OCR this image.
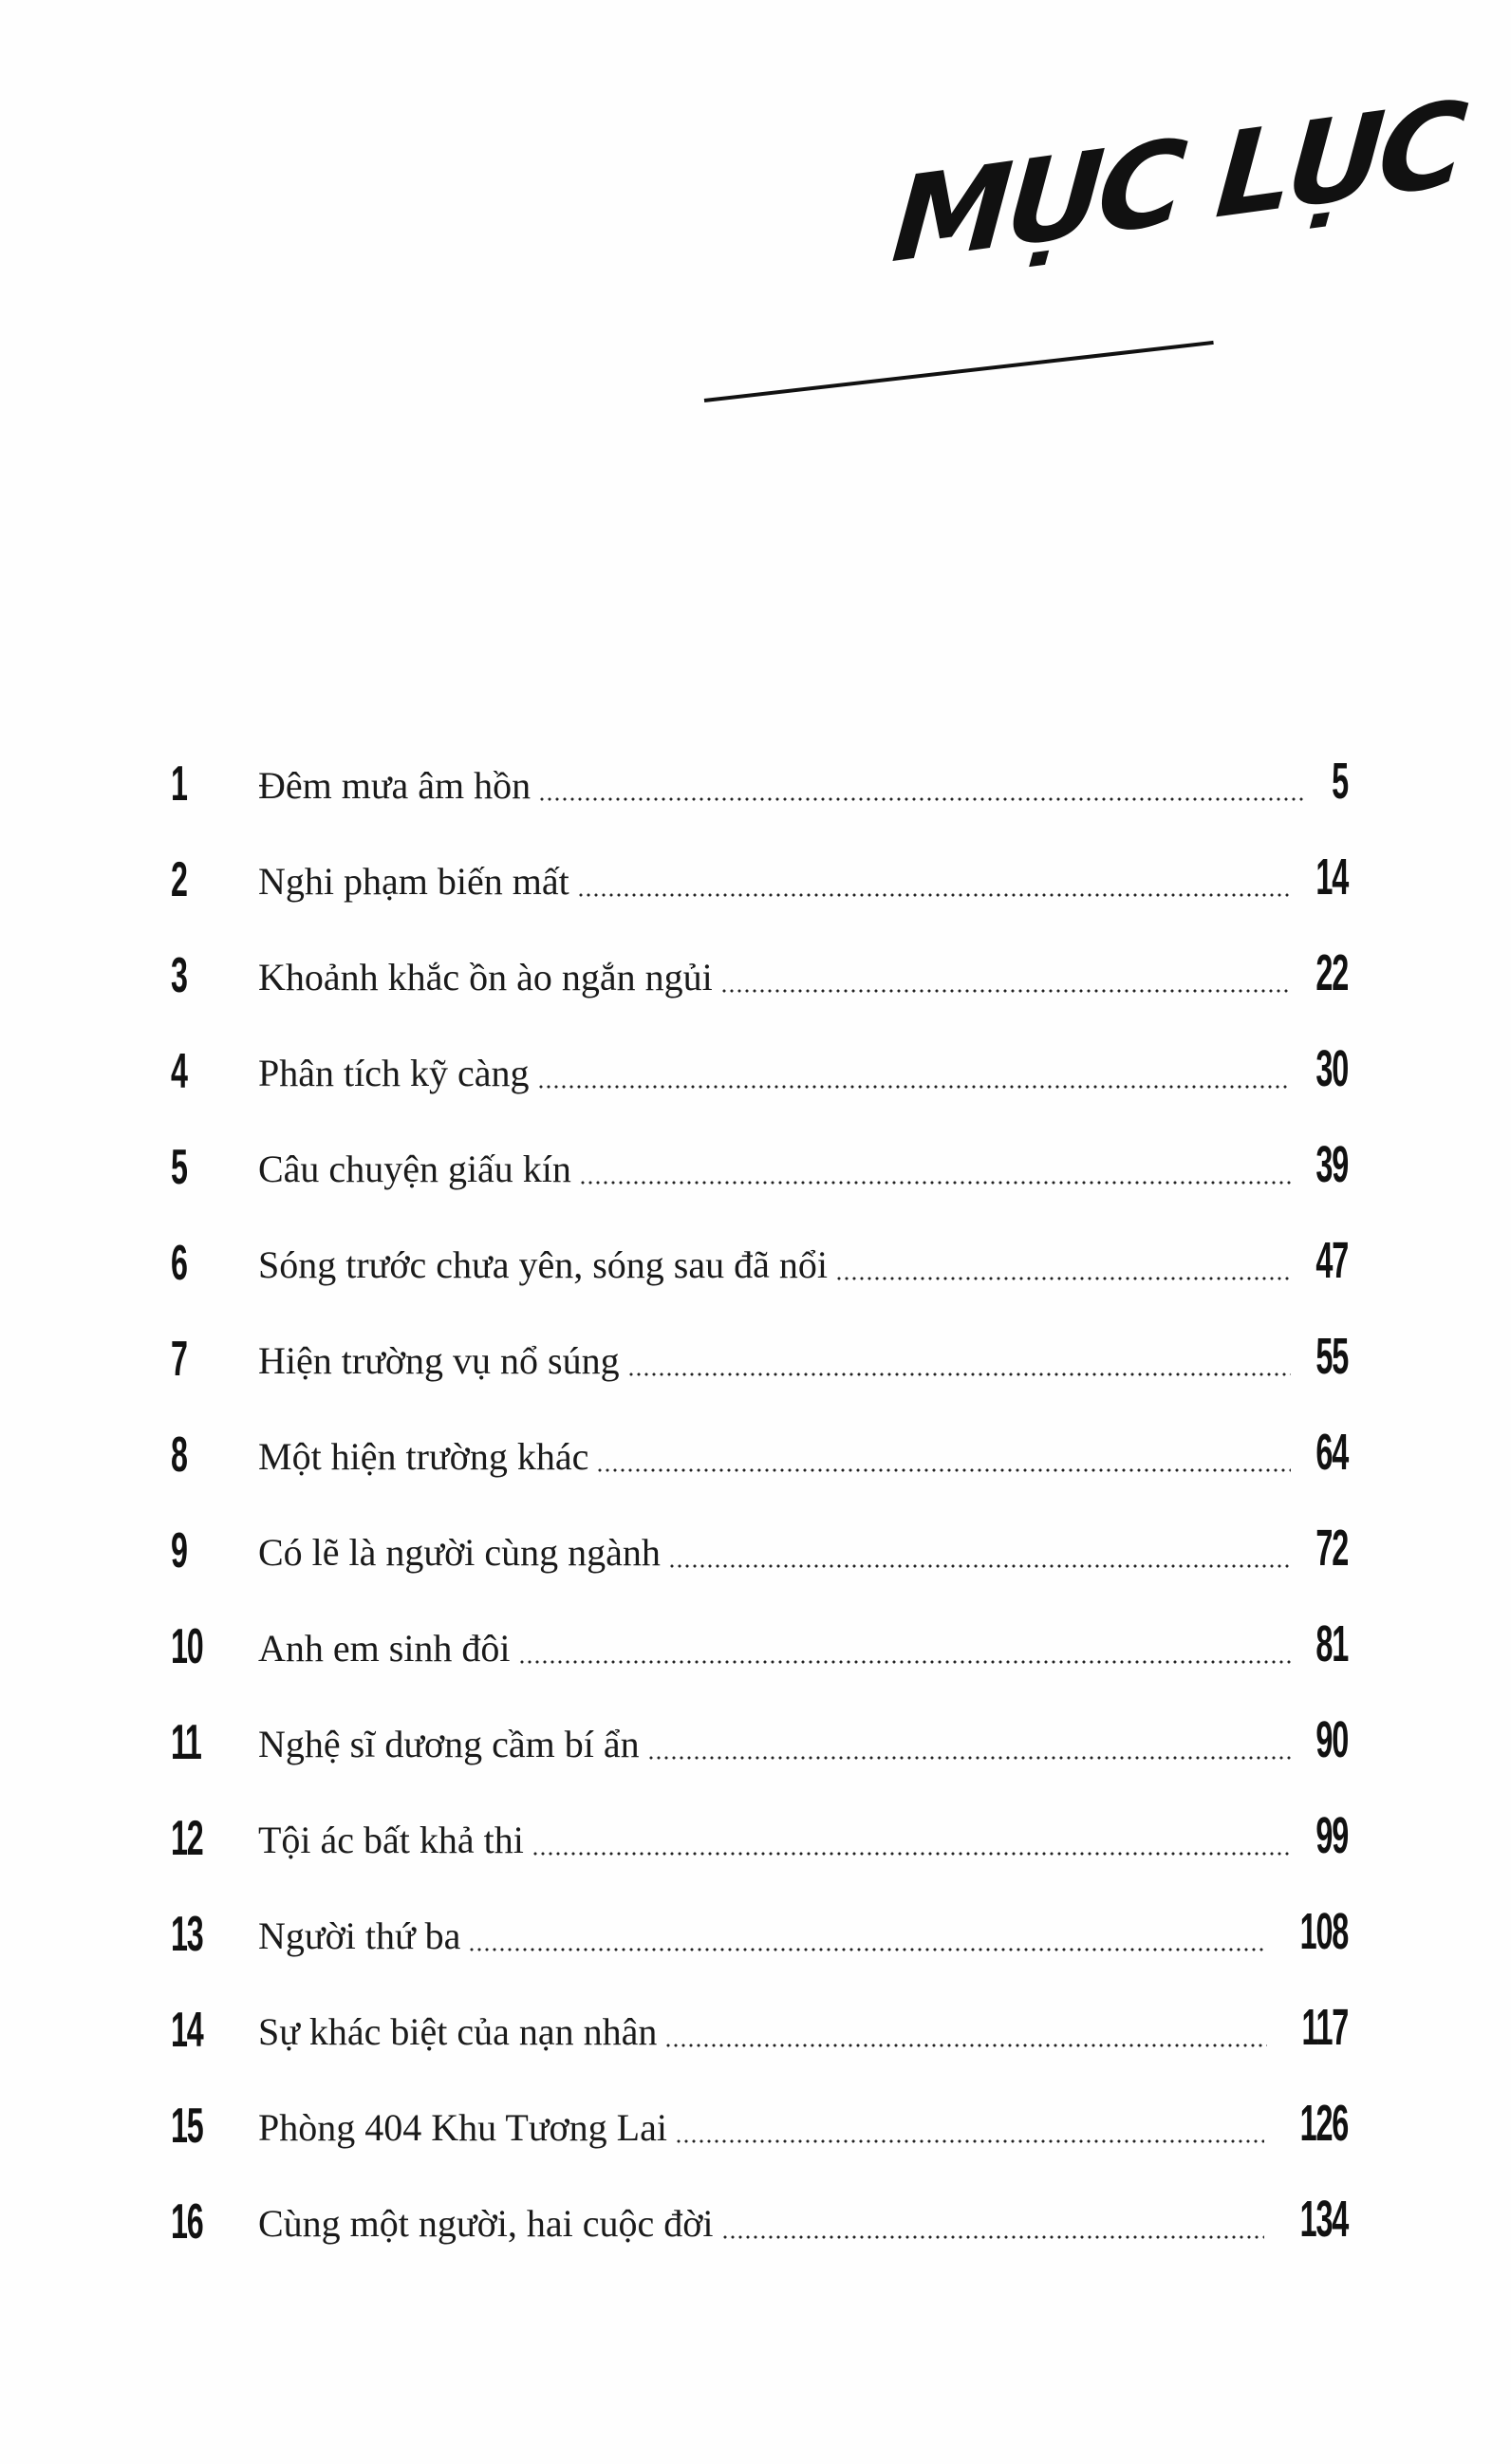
MỤC LỤC
1	Đêm mưa âm hồn	5
2	Nghi phạm biến mất	14
3	Khoảnh khắc ồn ào ngắn ngủi	22
4	Phân tích kỹ càng	30
5	Câu chuyện giấu kín	39
6	Sóng trước chưa yên, sóng sau đã nổi	47
7	Hiện trường vụ nổ súng	55
8	Một hiện trường khác	64
9	Có lẽ là người cùng ngành	72
10	Anh em sinh đôi	81
11	Nghệ sĩ dương cầm bí ẩn	90
12	Tội ác bất khả thi	99
13	Người thứ ba	108
14	Sự khác biệt của nạn nhân	117
15	Phòng 404 Khu Tương Lai	126
16	Cùng một người, hai cuộc đời	134
